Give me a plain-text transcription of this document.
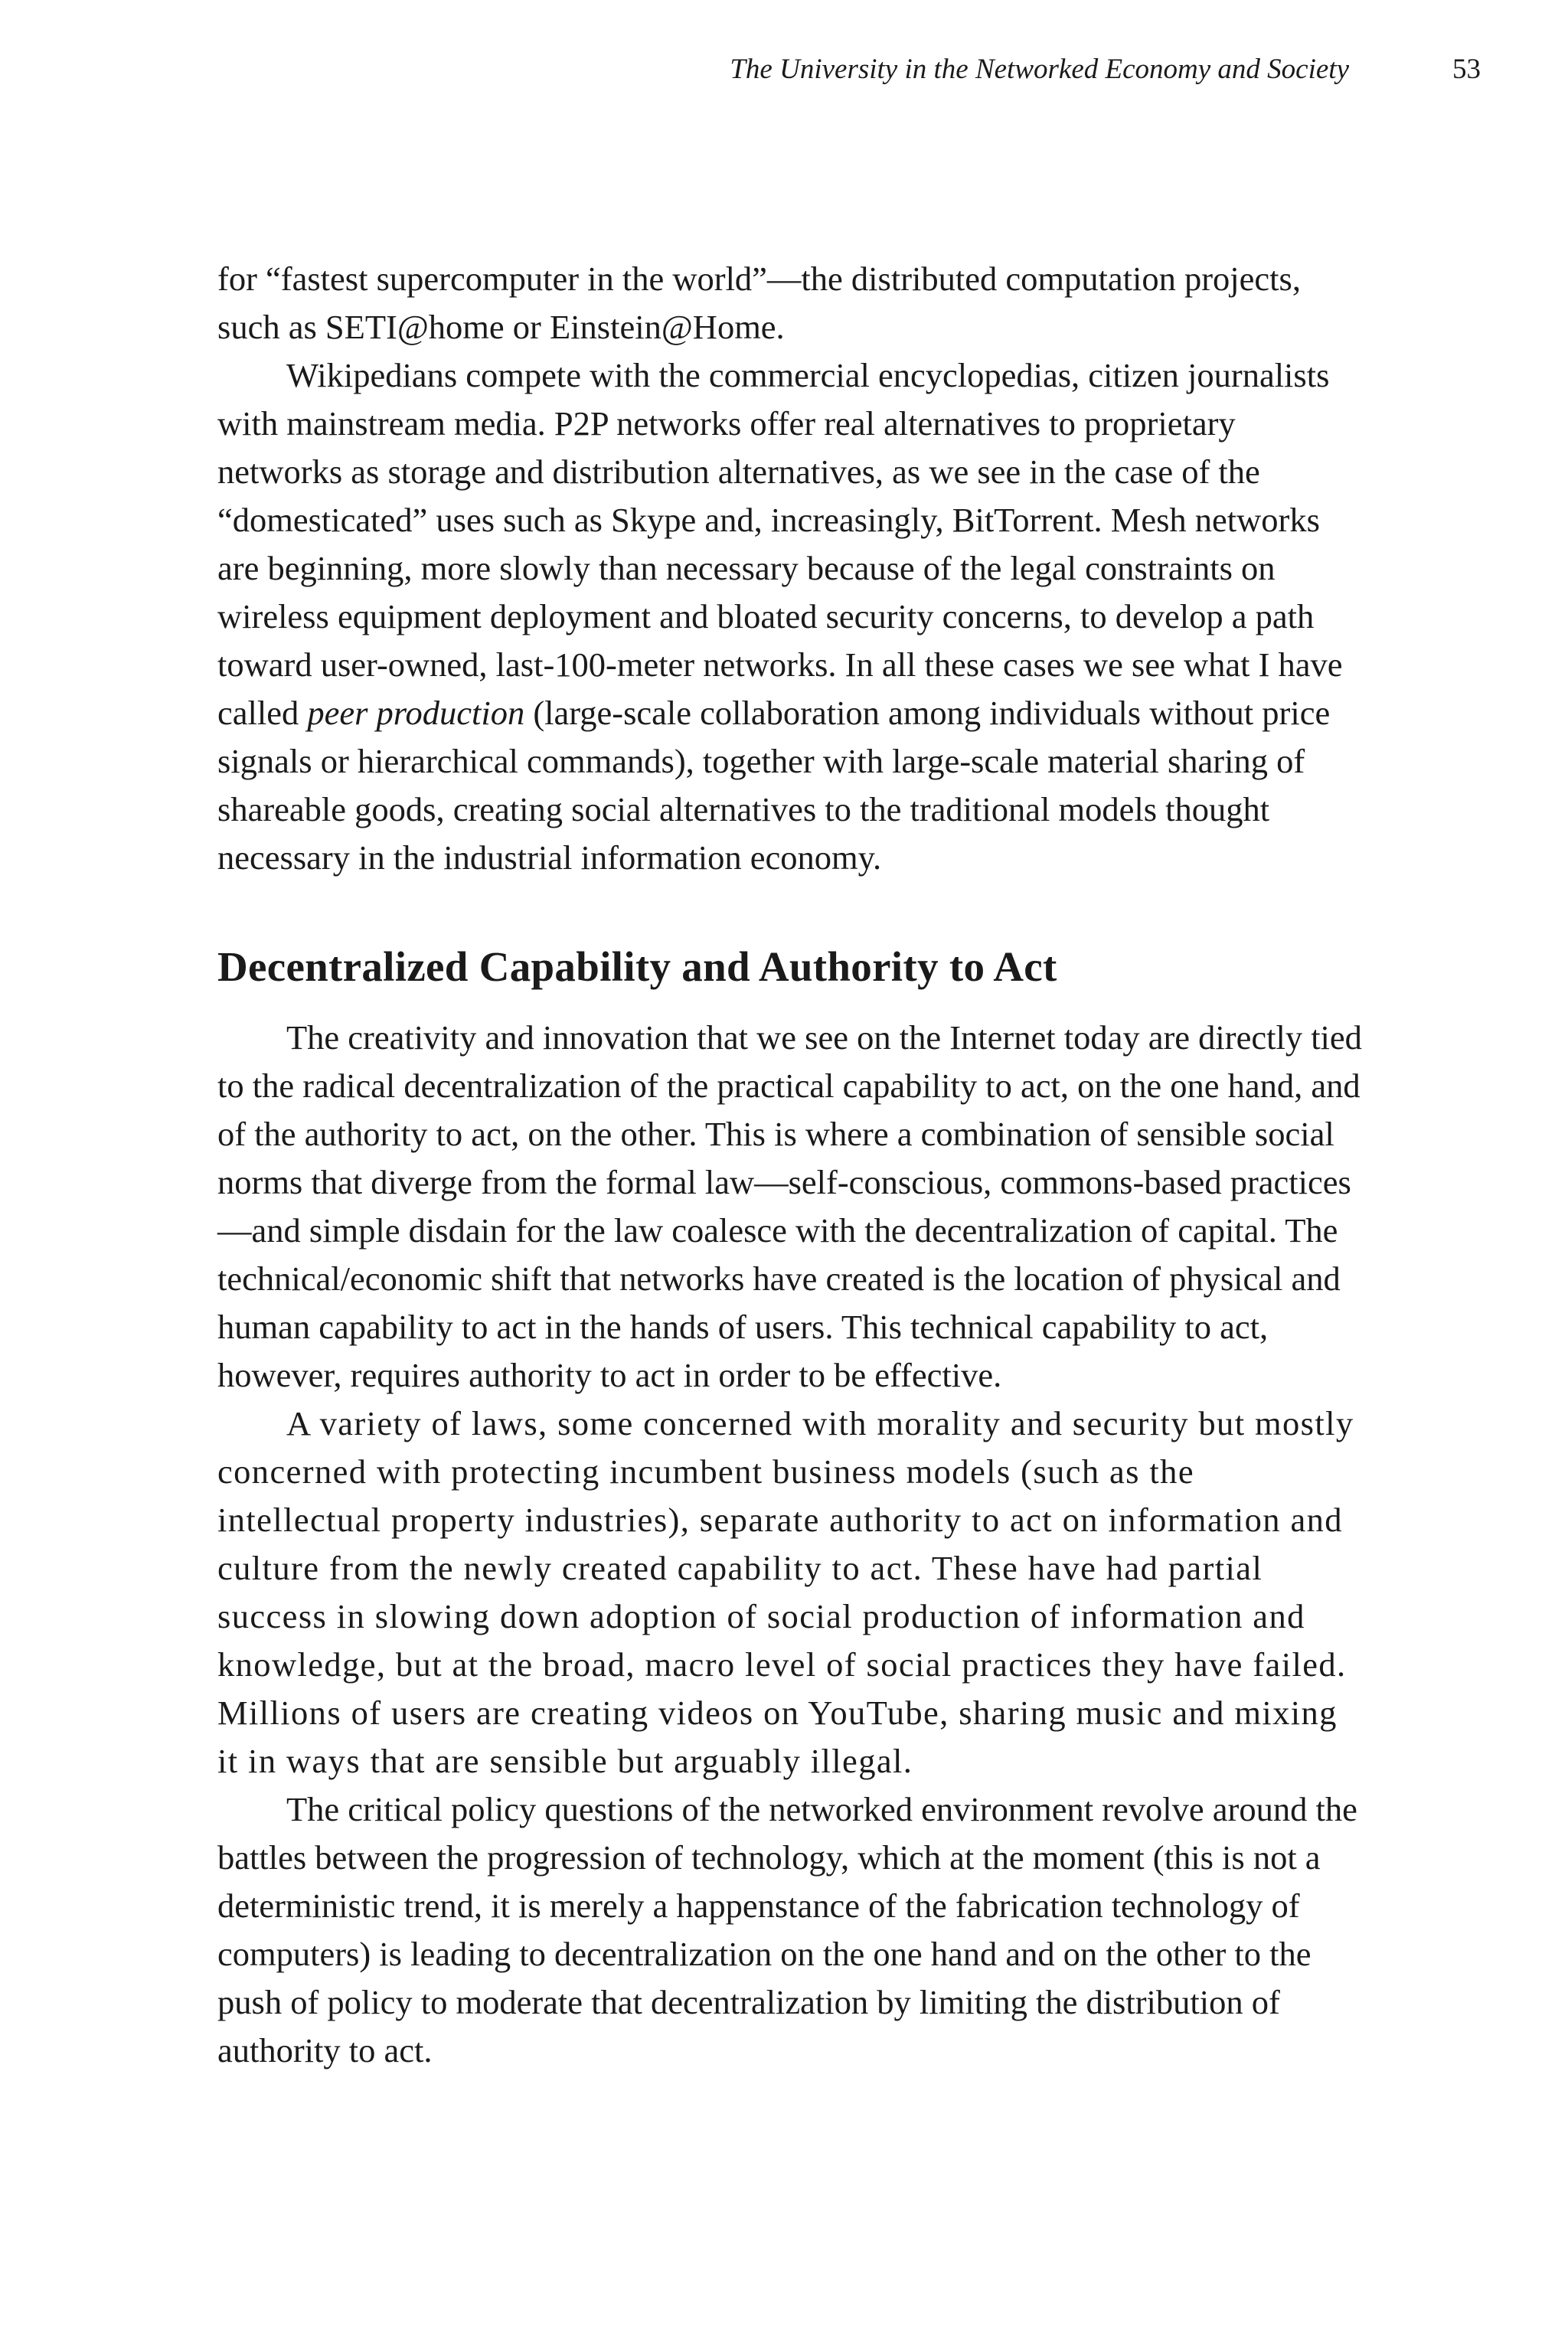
The University in the Networked Economy and Society	53

for “fastest supercomputer in the world”—the distributed computation projects, such as SETI@home or Einstein@Home.

Wikipedians compete with the commercial encyclopedias, citizen journalists with mainstream media. P2P networks offer real alternatives to proprietary networks as storage and distribution alternatives, as we see in the case of the “domesticated” uses such as Skype and, increasingly, BitTorrent. Mesh networks are beginning, more slowly than necessary because of the legal constraints on wireless equipment deployment and bloated security concerns, to develop a path toward user-owned, last-100-meter networks. In all these cases we see what I have called peer production (large-scale collaboration among individuals without price signals or hierarchical commands), together with large-scale material sharing of shareable goods, creating social alternatives to the traditional models thought necessary in the industrial information economy.

Decentralized Capability and Authority to Act

The creativity and innovation that we see on the Internet today are directly tied to the radical decentralization of the practical capability to act, on the one hand, and of the authority to act, on the other. This is where a combination of sensible social norms that diverge from the formal law—self-conscious, commons-based practices—and simple disdain for the law coalesce with the decentralization of capital. The technical/economic shift that networks have created is the location of physical and human capability to act in the hands of users. This technical capability to act, however, requires authority to act in order to be effective.

A variety of laws, some concerned with morality and security but mostly concerned with protecting incumbent business models (such as the intellectual property industries), separate authority to act on information and culture from the newly created capability to act. These have had partial success in slowing down adoption of social production of information and knowledge, but at the broad, macro level of social practices they have failed. Millions of users are creating videos on YouTube, sharing music and mixing it in ways that are sensible but arguably illegal.

The critical policy questions of the networked environment revolve around the battles between the progression of technology, which at the moment (this is not a deterministic trend, it is merely a happenstance of the fabrication technology of computers) is leading to decentralization on the one hand and on the other to the push of policy to moderate that decentralization by limiting the distribution of authority to act.
